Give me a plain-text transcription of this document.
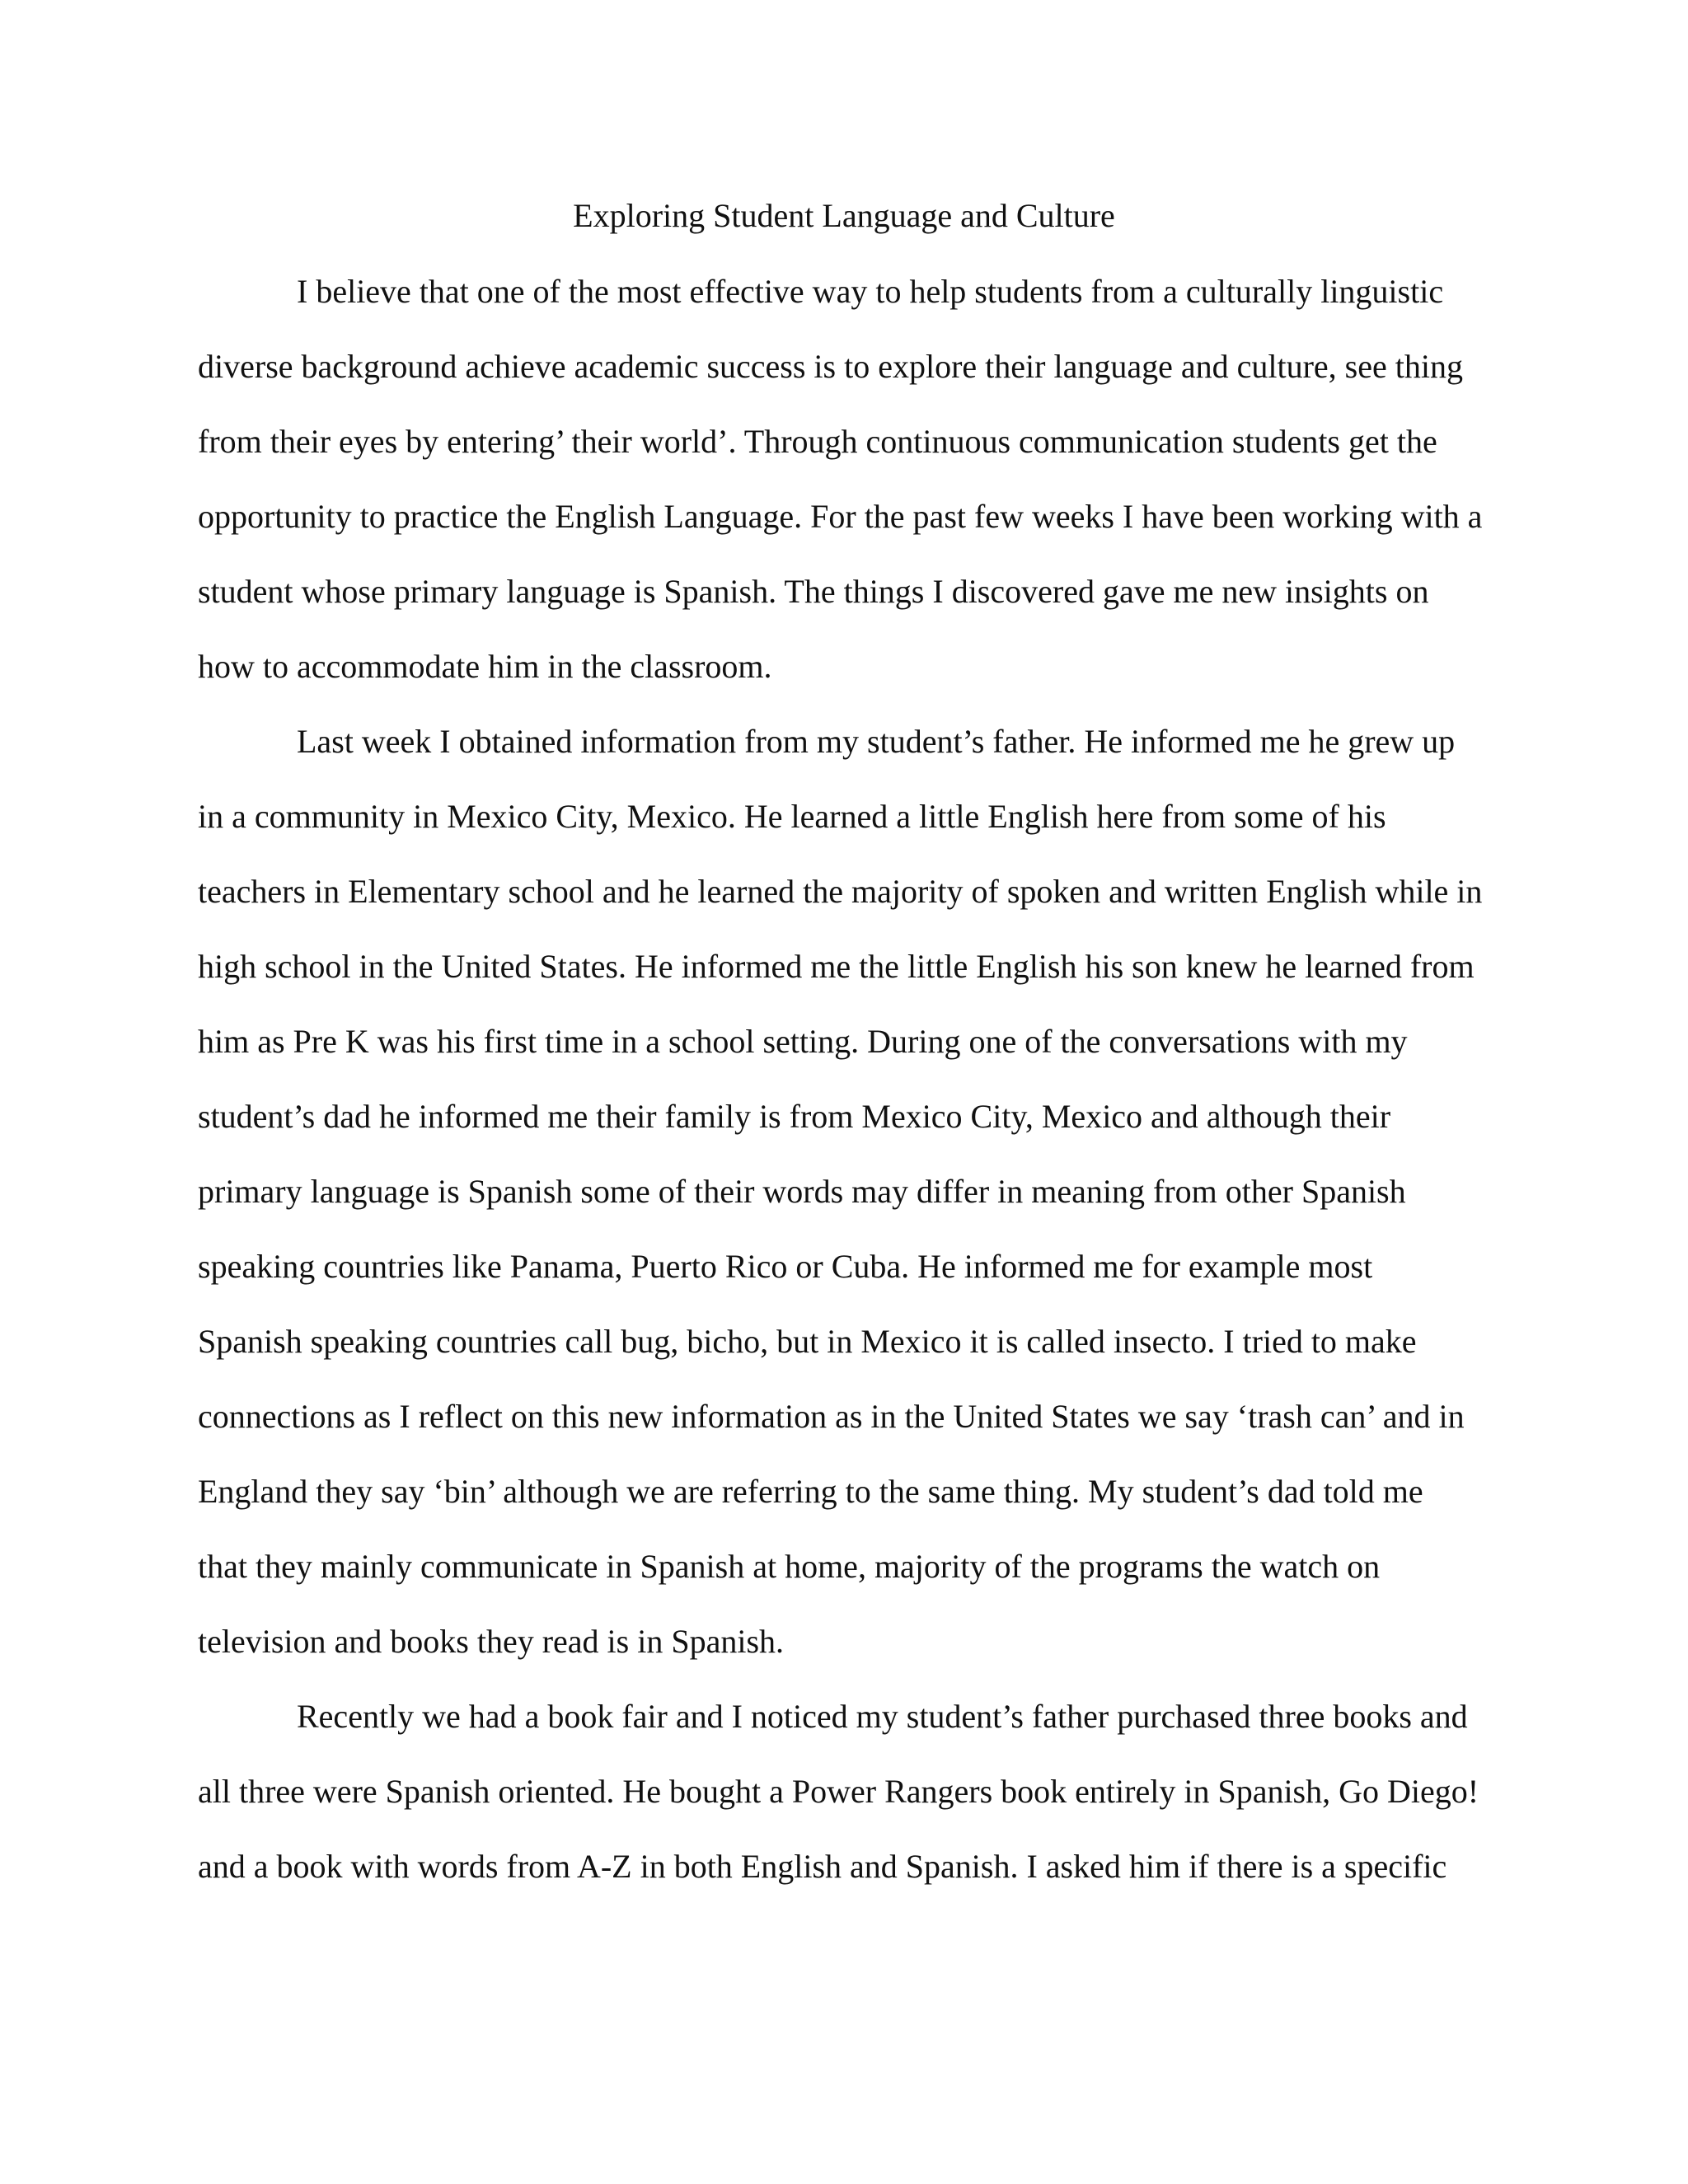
Exploring Student Language and Culture

I believe that one of the most effective way to help students from a culturally linguistic

diverse background achieve academic success is to explore their language and culture, see thing

from their eyes by entering’ their world’. Through continuous communication students get the

opportunity to practice the English Language. For the past few weeks I have been working with a

student whose primary language is Spanish. The things I discovered gave me new insights on

how to accommodate him in the classroom.

Last week I obtained information from my student’s father. He informed me he grew up

in a community in Mexico City, Mexico. He learned a little English here from some of his

teachers in Elementary school and he learned the majority of spoken and written English while in

high school in the United States. He informed me the little English his son knew he learned from

him as Pre K was his first time in a school setting. During one of the conversations with my

student’s dad he informed me their family is from Mexico City, Mexico and although their

primary language is Spanish some of their words may differ in meaning from other Spanish

speaking countries like Panama, Puerto Rico or Cuba. He informed me for example most

Spanish speaking countries call bug, bicho, but in Mexico it is called insecto. I tried to make

connections as I reflect on this new information as in the United States we say ‘trash can’ and in

England they say ‘bin’ although we are referring to the same thing. My student’s dad told me

that they mainly communicate in Spanish at home, majority of the programs the watch on

television and books they read is in Spanish.

Recently we had a book fair and I noticed my student’s father purchased three books and

all three were Spanish oriented. He bought a Power Rangers book entirely in Spanish, Go Diego!

and a book with words from A-Z in both English and Spanish. I asked him if there is a specific
